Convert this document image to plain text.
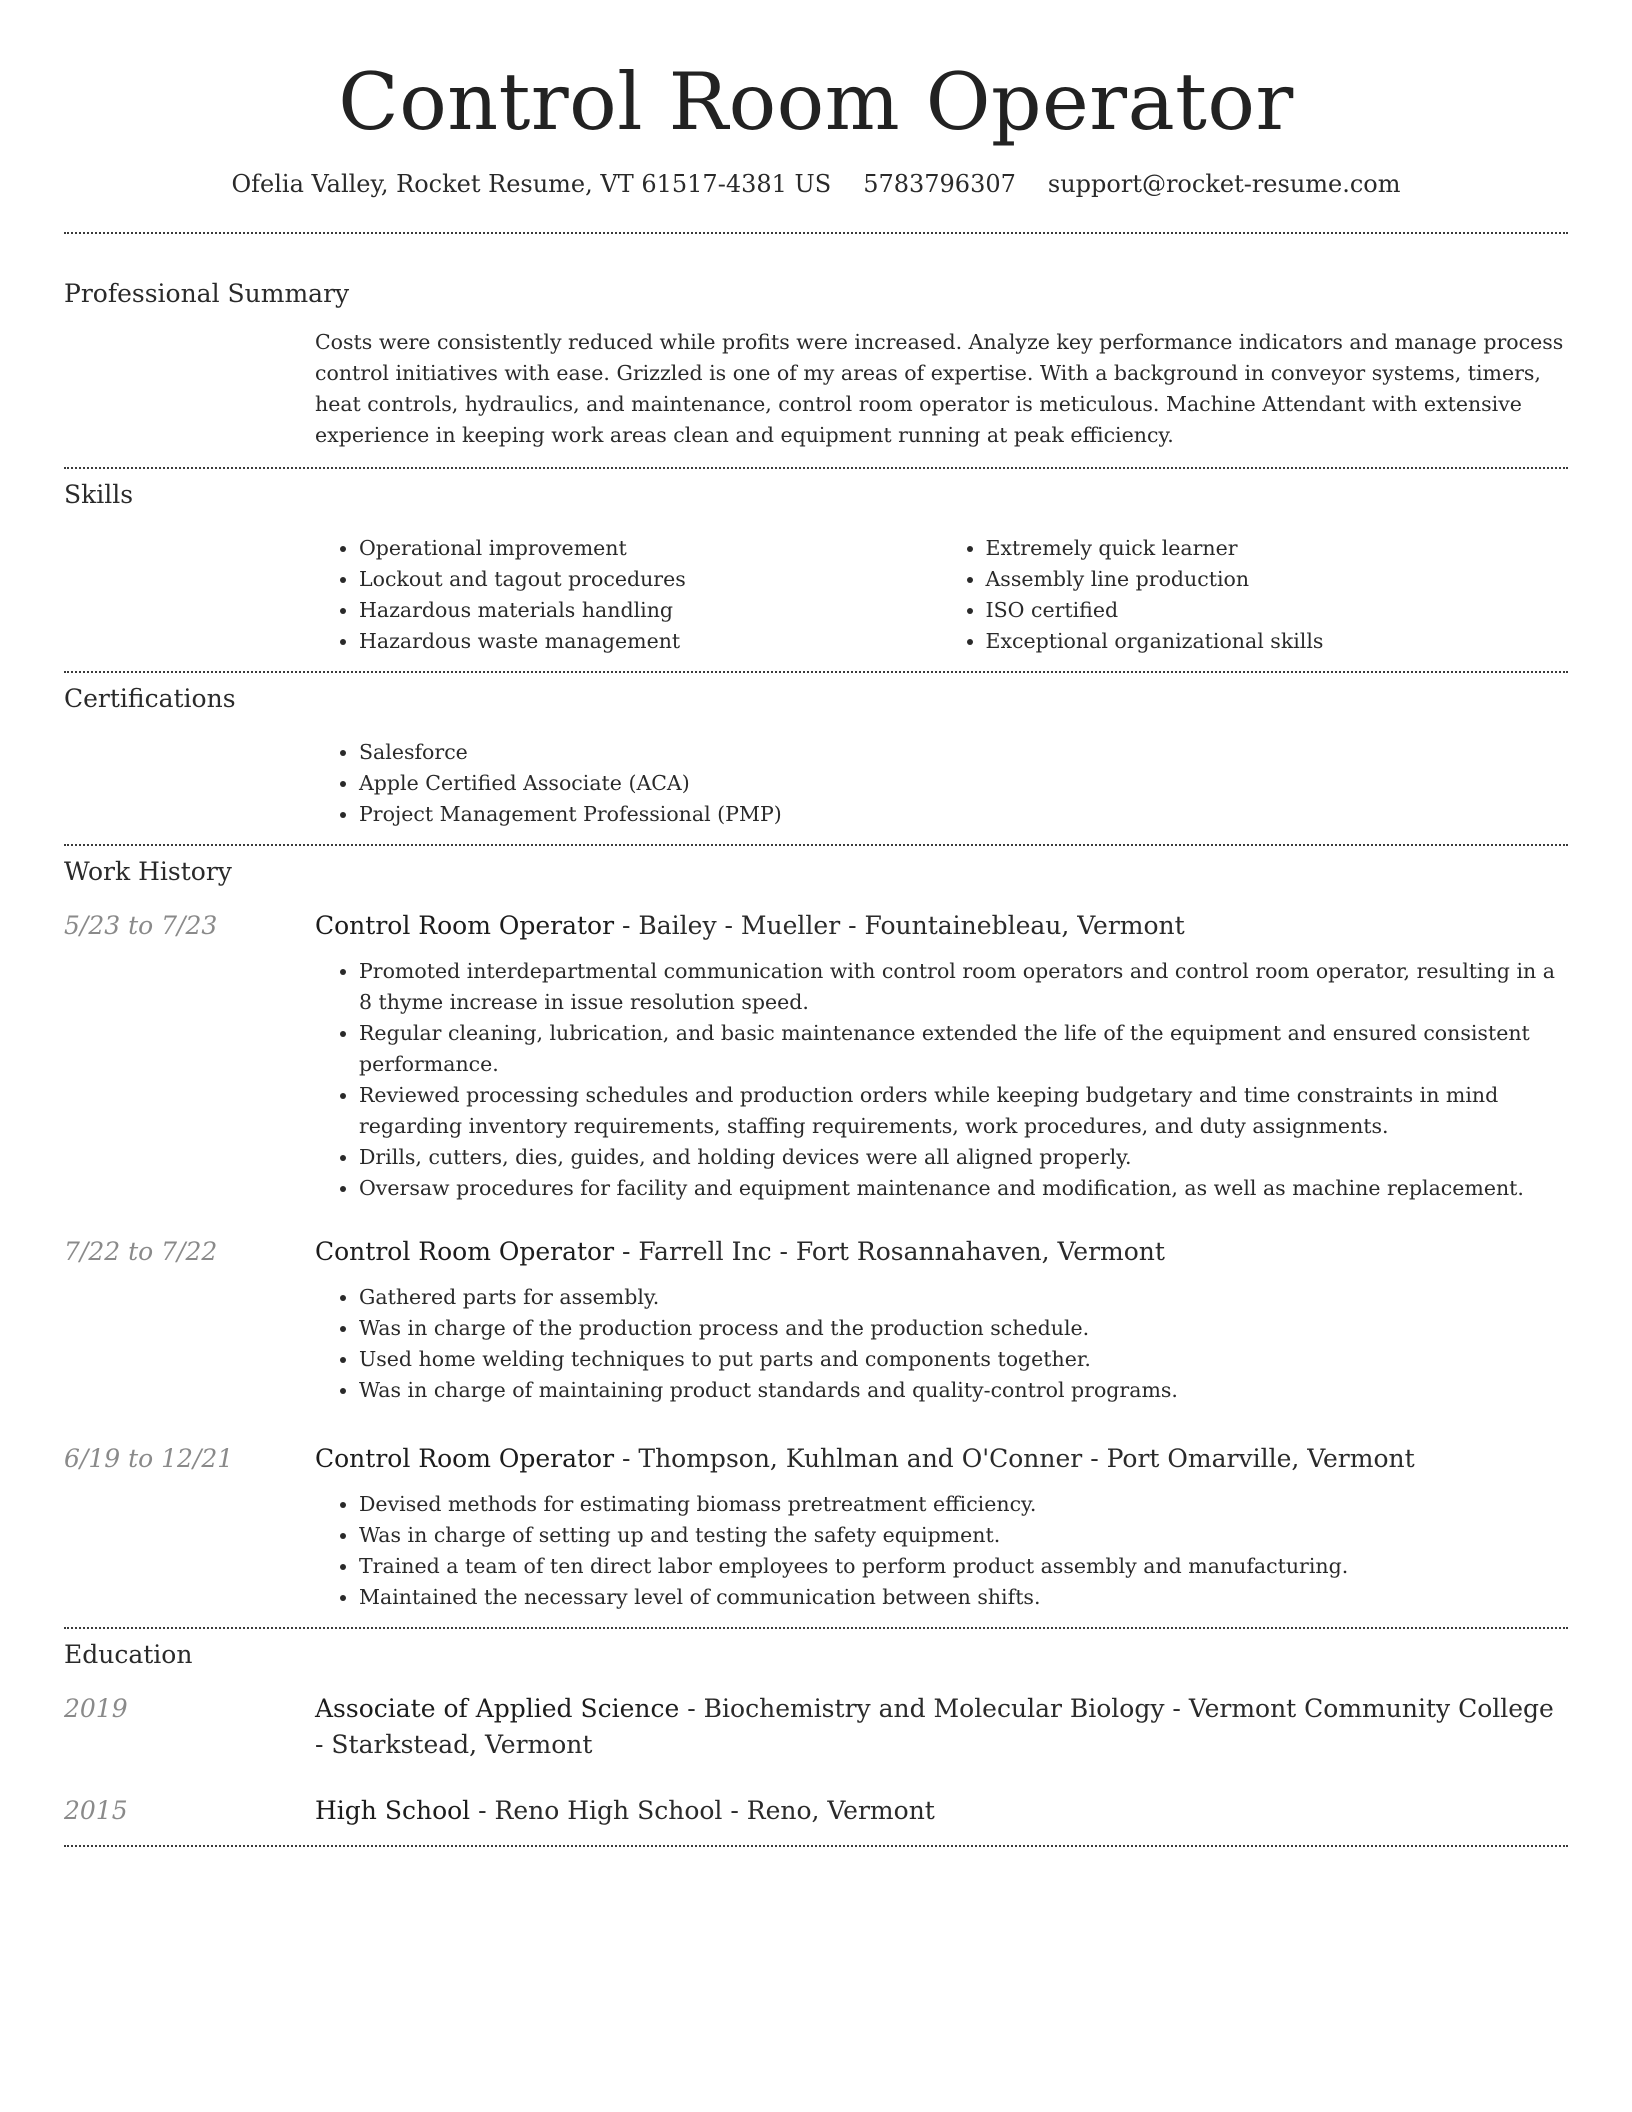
Control Room Operator
Ofelia Valley, Rocket Resume, VT 61517-4381 US 5783796307 support@rocket-resume.com
Professional Summary

Costs were consistently reduced while profits were increased. Analyze key performance indicators and manage process control initiatives with ease. Grizzled is one of my areas of expertise. With a background in conveyor systems, timers, heat controls, hydraulics, and maintenance, control room operator is meticulous. Machine Attendant with extensive experience in keeping work areas clean and equipment running at peak efficiency.

Skills
• Operational improvement
• Lockout and tagout procedures
• Hazardous materials handling
• Hazardous waste management
• Extremely quick learner
• Assembly line production
• ISO certified
• Exceptional organizational skills
Certifications
• Salesforce
• Apple Certified Associate (ACA)
• Project Management Professional (PMP)
Work History
5/23 to 7/23	Control Room Operator - Bailey - Mueller - Fountainebleau, Vermont
• Promoted interdepartmental communication with control room operators and control room operator, resulting in a 8 thyme increase in issue resolution speed.
• Regular cleaning, lubrication, and basic maintenance extended the life of the equipment and ensured consistent performance.
• Reviewed processing schedules and production orders while keeping budgetary and time constraints in mind regarding inventory requirements, staffing requirements, work procedures, and duty assignments.
• Drills, cutters, dies, guides, and holding devices were all aligned properly.
• Oversaw procedures for facility and equipment maintenance and modification, as well as machine replacement.
7/22 to 7/22	Control Room Operator - Farrell Inc - Fort Rosannahaven, Vermont
• Gathered parts for assembly.
• Was in charge of the production process and the production schedule.
• Used home welding techniques to put parts and components together.
• Was in charge of maintaining product standards and quality-control programs.
6/19 to 12/21	Control Room Operator - Thompson, Kuhlman and O'Conner - Port Omarville, Vermont
• Devised methods for estimating biomass pretreatment efficiency.
• Was in charge of setting up and testing the safety equipment.
• Trained a team of ten direct labor employees to perform product assembly and manufacturing.
• Maintained the necessary level of communication between shifts.
Education
2019	Associate of Applied Science - Biochemistry and Molecular Biology - Vermont Community College - Starkstead, Vermont
2015	High School - Reno High School - Reno, Vermont
